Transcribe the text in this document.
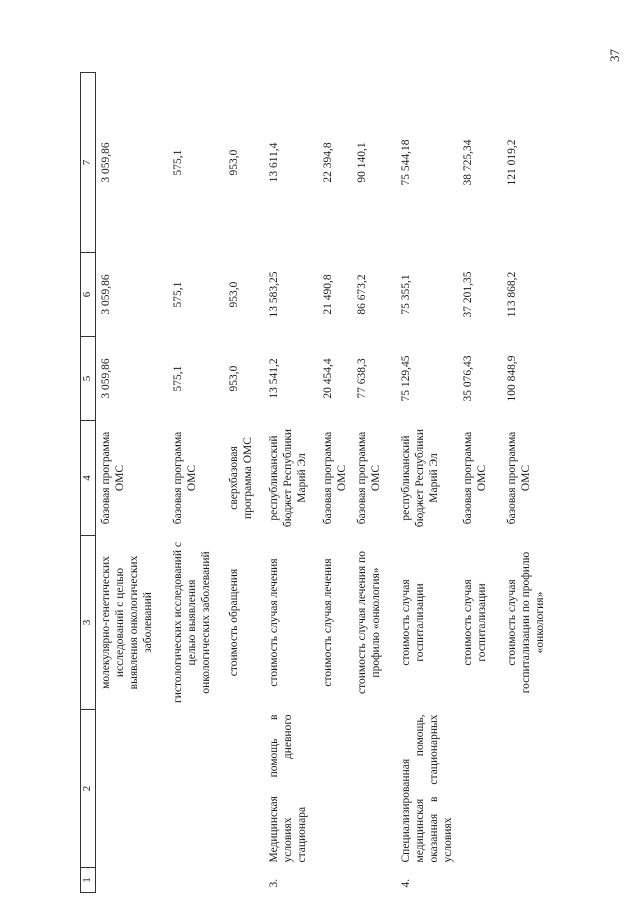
37
1	2	3	4	5	6	7
		молекулярно-генетических исследований с целью выявления онкологических заболеваний	базовая программа ОМС	3 059,86	3 059,86	3 059,86
		гистологических исследований с целью выявления онкологических заболеваний	базовая программа ОМС	575,1	575,1	575,1
		стоимость обращения	сверхбазовая программа ОМС	953,0	953,0	953,0
3.	Медицинская помощь в условиях дневного стационара	стоимость случая лечения	республиканский бюджет Республики Марий Эл	13 541,2	13 583,25	13 611,4
		стоимость случая лечения	базовая программа ОМС	20 454,4	21 490,8	22 394,8
		стоимость случая лечения по профилю «онкология»	базовая программа ОМС	77 638,3	86 673,2	90 140,1
4.	Специализированная медицинская помощь, оказанная в стационарных условиях	стоимость случая госпитализации	республиканский бюджет Республики Марий Эл	75 129,45	75 355,1	75 544,18
		стоимость случая госпитализации	базовая программа ОМС	35 076,43	37 201,35	38 725,34
		стоимость случая госпитализации по профилю «онкология»	базовая программа ОМС	100 848,9	113 868,2	121 019,2
